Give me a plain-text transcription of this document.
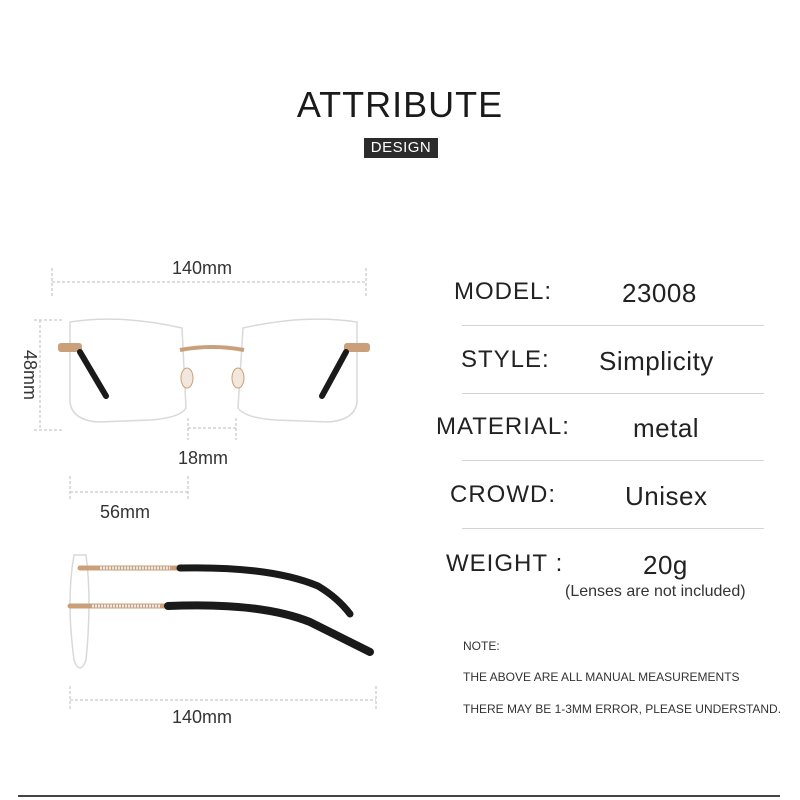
ATTRIBUTE
DESIGN
140mm
48mm
18mm
56mm
140mm
MODEL:	23008
STYLE: Simplicity
MATERIAL: metal
CROWD:	Unisex
WEIGHT :	20g
(Lenses are not included)
NOTE:
THE ABOVE ARE ALL MANUAL MEASUREMENTS
THERE MAY BE 1-3MM ERROR, PLEASE UNDERSTAND.
